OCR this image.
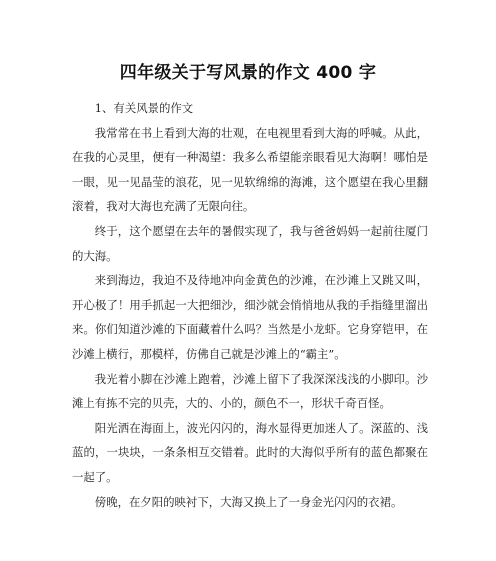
四年级关于写风景的作文 400 字

1、有关风景的作文

我常常在书上看到大海的壮观，在电视里看到大海的呼喊。从此，在我的心灵里，便有一种渴望：我多么希望能亲眼看见大海啊！哪怕是一眼，见一见晶莹的浪花，见一见软绵绵的海滩，这个愿望在我心里翻滚着，我对大海也充满了无限向往。

终于，这个愿望在去年的暑假实现了，我与爸爸妈妈一起前往厦门的大海。

来到海边，我迫不及待地冲向金黄色的沙滩，在沙滩上又跳又叫，开心极了！用手抓起一大把细沙，细沙就会悄悄地从我的手指缝里溜出来。你们知道沙滩的下面藏着什么吗？当然是小龙虾。它身穿铠甲，在沙滩上横行，那模样，仿佛自己就是沙滩上的“霸主”。

我光着小脚在沙滩上跑着，沙滩上留下了我深深浅浅的小脚印。沙滩上有拣不完的贝壳，大的、小的，颜色不一，形状千奇百怪。

阳光洒在海面上，波光闪闪的，海水显得更加迷人了。深蓝的、浅蓝的，一块块，一条条相互交错着。此时的大海似乎所有的蓝色都聚在一起了。

傍晚，在夕阳的映衬下，大海又换上了一身金光闪闪的衣裙。
